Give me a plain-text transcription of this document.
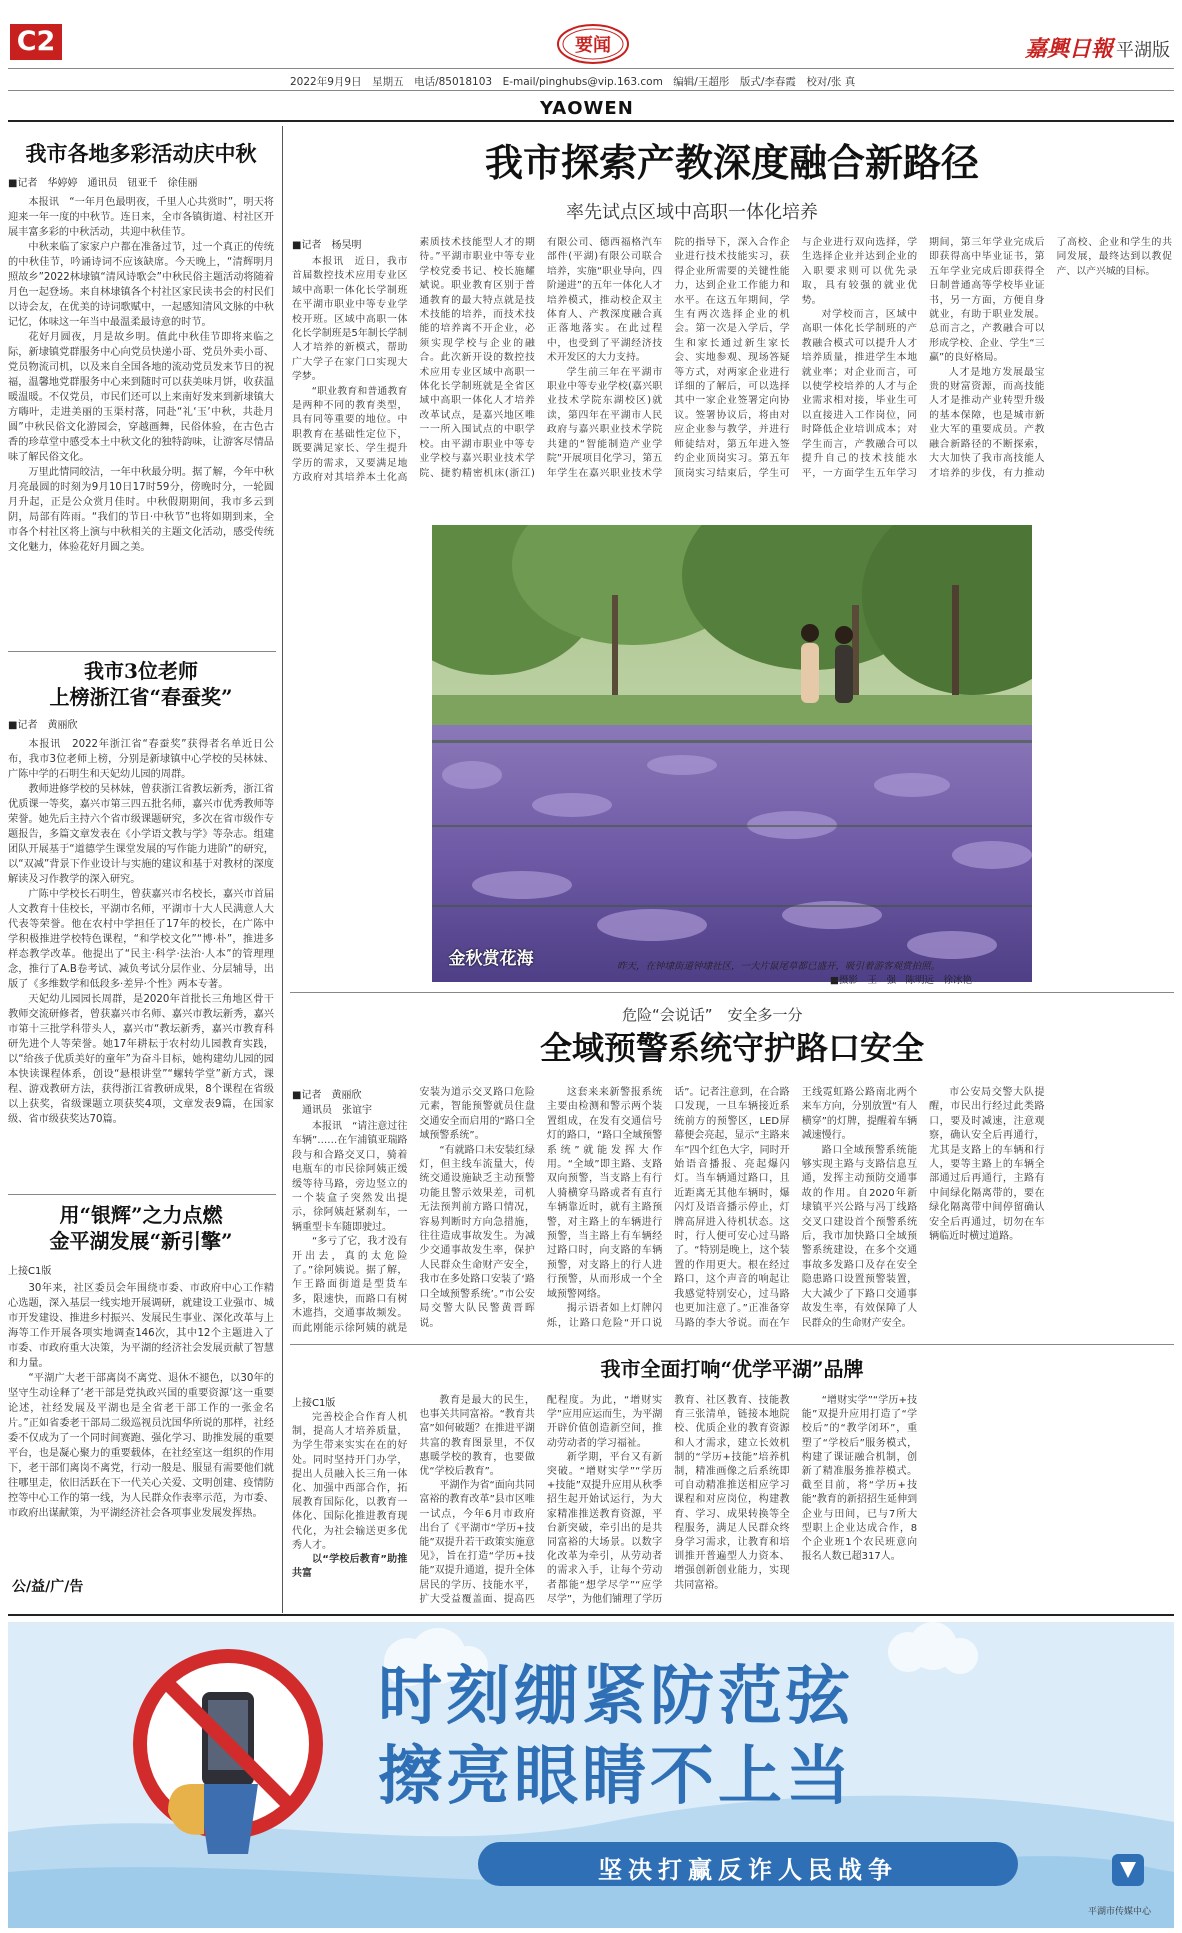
C2	要闻	嘉興日報 平湖版
2022年9月9日　星期五　电话/85018103　E-mail/pinghubs@vip.163.com　编辑/王超彤　版式/李春霞　校对/张 真
YAOWEN
我市各地多彩活动庆中秋
■记者　华婷婷　通讯员　钮亚千　徐佳丽

本报讯　“一年月色最明夜，千里人心共赏时”，明天将迎来一年一度的中秋节。连日来，全市各镇街道、村社区开展丰富多彩的中秋活动，共迎中秋佳节。

中秋来临了家家户户都在准备过节，过一个真正的传统的中秋佳节，吟诵诗词不应该缺席。今天晚上，“清辉明月照故乡”2022林埭镇“清风诗歌会”中秋民俗主题活动将随着月色一起登场。来自林埭镇各个村社区家民读书会的村民们以诗会友，在优美的诗词歌赋中，一起感知清风文脉的中秋记忆，体味这一年当中最温柔最诗意的时节。

花好月圆夜，月是故乡明。值此中秋佳节即将来临之际，新埭镇党群服务中心向党员快递小哥、党员外卖小哥、党员物流司机，以及来自全国各地的流动党员发来节日的祝福，温馨地党群服务中心来到随时可以获美味月饼，收获温暖温暖。不仅党员，市民们还可以上来南好发来到新埭镇大方嗨叶，走进美丽的玉渠村落，同赴“礼‘玉’中秋，共赴月圆”中秋民俗文化游园会，穿越画舞，民俗体验，在古色古香的珍草堂中感受本土中秋文化的独特韵味，让游客尽情品味了解民俗文化。

万里此情同皎洁，一年中秋最分明。据了解，今年中秋月亮最圆的时刻为9月10日17时59分，傍晚时分，一轮圆月升起，正是公众赏月佳时。中秋假期期间，我市多云到阴，局部有阵雨。“我们的节日·中秋节”也将如期到来，全市各个村社区将上演与中秋相关的主题文化活动，感受传统文化魅力，体验花好月圆之美。

我市3位老师
上榜浙江省“春蚕奖”
■记者　黄丽欣

本报讯　2022年浙江省“春蚕奖”获得者名单近日公布，我市3位老师上榜，分别是新埭镇中心学校的吴林妹、广陈中学的石明生和天妃幼儿园的周群。

教师进修学校的吴林妹，曾获浙江省教坛新秀，浙江省优质课一等奖，嘉兴市第三四五批名师，嘉兴市优秀教师等荣誉。她先后主持六个省市级课题研究，多次在省市级作专题报告，多篇文章发表在《小学语文教与学》等杂志。组建团队开展基于“道德学生课堂发展的写作能力进阶”的研究，以“双减”背景下作业设计与实施的建议和基于对教材的深度解读及习作教学的深入研究。

广陈中学校长石明生，曾获嘉兴市名校长，嘉兴市首届人文教育十佳校长，平湖市名师，平湖市十大人民满意人大代表等荣誉。他在农村中学担任了17年的校长，在广陈中学积极推进学校特色课程，“和学校文化”“博·朴”，推进多样态教学改革。他提出了“民主·科学·法治·人本”的管理理念，推行了A.B卷考试、减负考试分层作业、分层辅导，出版了《多维数学和低段多·差异·个性》两本专著。

天妃幼儿园园长周群，是2020年首批长三角地区骨干教师交流研修者，曾获嘉兴市名师、嘉兴市教坛新秀，嘉兴市第十三批学科带头人，嘉兴市“教坛新秀，嘉兴市教育科研先进个人等荣誉。她17年耕耘于农村幼儿园教育实践，以“给孩子优质美好的童年”为奋斗目标，她构建幼儿园的园本快读课程体系，创设“悬根讲堂”“螺转学堂”新方式，课程、游戏教研方法，获得浙江省教研成果，8个课程在省级以上获奖，省级课题立项获奖4项，文章发表9篇，在国家级、省市级获奖达70篇。

用“银辉”之力点燃
金平湖发展“新引擎”
上接C1版

30年来，社区委员会年围绕市委、市政府中心工作精心选题，深入基层一线实地开展调研，就建设工业强市、城市开发建设、推进乡村振兴、发展民生事业、深化改革与上海等工作开展各项实地调查146次，其中12个主题进入了市委、市政府重大决策，为平湖的经济社会发展贡献了智慧和力量。

“平湖广大老干部离岗不离党、退休不褪色，以30年的坚守生动诠释了‘老干部是党执政兴国的重要资源’这一重要论述，社经发展及平湖也是全省老干部工作的一张金名片。”正如省委老干部局二级巡视员沈国华所说的那样，社经委不仅成为了一个同时间赛跑、强化学习、助推发展的重要平台，也是凝心聚力的重要载体，在社经室这一组织的作用下，老干部们离岗不离党，行动一般是、服显有需要他们就往哪里走，依旧活跃在下一代关心关爱、文明创建、疫情防控等中心工作的第一线，为人民群众作表率示范，为市委、市政府出谋献策，为平湖经济社会各项事业发展发挥热。

我市探索产教深度融合新路径
率先试点区域中高职一体化培养
■记者　杨昊明

本报讯　近日，我市首届数控技术应用专业区域中高职一体化长学制班在平湖市职业中等专业学校开班。区域中高职一体化长学制班是5年制长学制人才培养的新模式，帮助广大学子在家门口实现大学梦。

“职业教育和普通教育是两种不同的教育类型，具有同等重要的地位。中职教育在基础性定位下，既要满足家长、学生提升学历的需求，又要满足地方政府对其培养本土化高素质技术技能型人才的期待。”平湖市职业中等专业学校党委书记、校长施耀斌说。职业教育区别于普通教育的最大特点就是技术技能的培养，而技术技能的培养离不开企业，必须实现学校与企业的融合。此次新开设的数控技术应用专业区域中高职一体化长学制班就是全省区域中高职一体化人才培养改革试点，是嘉兴地区唯一一所入围试点的中职学校。由平湖市职业中等专业学校与嘉兴职业技术学院、捷豹精密机床(浙江)有限公司、德西福格汽车部件(平湖)有限公司联合培养，实施“职业导向，四阶递进”的五年一体化人才培养模式，推动校企双主体育人、产教深度融合真正落地落实。在此过程中，也受到了平湖经济技术开发区的大力支持。

学生前三年在平湖市职业中等专业学校(嘉兴职业技术学院东湖校区)就读，第四年在平湖市人民政府与嘉兴职业技术学院共建的“智能制造产业学院”开展项目化学习，第五年学生在嘉兴职业技术学院的指导下，深入合作企业进行技术技能实习，获得企业所需要的关键性能力，达到企业工作能力和水平。在这五年期间，学生有两次选择企业的机会。第一次是入学后，学生和家长通过新生家长会、实地参观、现场答疑等方式，对两家企业进行详细的了解后，可以选择其中一家企业签署定向协议。签署协议后，将由对应企业参与教学，并进行师徒结对，第五年进入签约企业顶岗实习。第五年顶岗实习结束后，学生可与企业进行双向选择，学生选择企业并达到企业的入职要求则可以优先录取，具有较强的就业优势。

对学校而言，区域中高职一体化长学制班的产教融合模式可以提升人才培养质量，推进学生本地就业率；对企业而言，可以使学校培养的人才与企业需求相对接，毕业生可以直接进入工作岗位，同时降低企业培训成本；对学生而言，产教融合可以提升自己的技术技能水平，一方面学生五年学习期间，第三年学业完成后即获得高中毕业证书，第五年学业完成后即获得全日制普通高等学校毕业证书，另一方面，方便自身就业，有助于职业发展。总而言之，产教融合可以形成学校、企业、学生“三赢”的良好格局。

人才是地方发展最宝贵的财富资源，而高技能人才是推动产业转型升级的基本保障，也是城市新业大军的重要成员。产教融合新路径的不断探索，大大加快了我市高技能人才培养的步伐，有力推动了高校、企业和学生的共同发展，最终达到以教促产、以产兴城的目标。

金秋赏花海	昨天，在钟埭街道钟埭社区，一大片鼠尾草都已盛开，吸引着游客观赏拍照。
■摄影　王　强　陈明远　徐冰艳
危险“会说话”　安全多一分
全域预警系统守护路口安全
■记者　黄丽欣
　通讯员　张谊宇

本报讯　“请注意过往车辆”……在乍浦镇亚瑞路段与和合路交叉口，骑着电瓶车的市民徐阿姨正缓缓等待马路，旁边竖立的一个装盒子突然发出提示，徐阿姨赶紧刹车，一辆重型卡车随即驶过。

“多亏了它，我才没有开出去，真的太危险了。”徐阿姨说。据了解，乍王路面街道是型货车多，限速快，而路口有树木遮挡，交通事故频发。而此刚能示徐阿姨的就是安装为道示交叉路口危险元素，智能预警就员住盘交通安全而启用的“路口全域预警系统”。

“有就路口未安装红绿灯，但主线车流量大，传统交通设施缺乏主动预警功能且警示效果差，司机无法预判前方路口情况，容易判断时方向急措施，往往造成事故发生。为减少交通事故发生率，保护人民群众生命财产安全，我市在多处路口安装了‘路口全域预警系统’。”市公安局交警大队民警黄晋晖说。

这套来来新警报系统主要由检测和警示两个装置组成，在发有交通信号灯的路口，“路口全域预警系统”就能发挥大作用。“全域”即主路、支路双向预警，当支路上有行人骑横穿马路或者有直行车辆靠近时，就有主路预警，对主路上的车辆进行预警，当主路上有车辆经过路口时，向支路的车辆预警，对支路上的行人进行预警，从而形成一个全域预警网络。

揭示语者如上灯牌闪烁，让路口危险“开口说话”。记者注意到，在合路口发现，一旦车辆接近系统前方的预警区，LED屏幕便会亮起，显示“主路来车”四个红色大字，同时开始语音播报、亮起爆闪灯。当车辆通过路口，且近距离无其他车辆时，爆闪灯及语音播示停止，灯牌高屏进入待机状态。这时，行人便可安心过马路了。“特别是晚上，这个装置的作用更大。根在经过路口，这个声音的响起让我感觉特别安心，过马路也更加注意了。”正准备穿马路的李大爷说。而在乍王线霓虹路公路南北两个来车方向，分别放置“有人横穿”的灯牌，提醒着车辆减速慢行。

路口全域预警系统能够实现主路与支路信息互通，发挥主动预防交通事故的作用。自2020年新埭镇平兴公路与冯丁线路交叉口建设首个预警系统后，我市加快路口全域预警系统建设，在多个交通事故多发路口及存在安全隐患路口设置预警装置，大大减少了下路口交通事故发生率，有效保障了人民群众的生命财产安全。

市公安局交警大队提醒，市民出行经过此类路口，要及时减速，注意观察，确认安全后再通行，尤其是支路上的车辆和行人，要等主路上的车辆全部通过后再通行，主路有中间绿化隔离带的，要在绿化隔离带中间停留确认安全后再通过，切勿在车辆临近时横过道路。

我市全面打响“优学平湖”品牌
上接C1版

完善校企合作育人机制，提高人才培养质量，为学生带来实实在在的好处。同时坚持开门办学，提出人员融入长三角一体化、加强中西部合作，拓展教育国际化，以教育一体化、国际化推进教育现代化，为社会输送更多优秀人才。

以“学校后教育”助推共富

教育是最大的民生，也事关共同富裕。“教育共富”如何破题？在推进平湖共富的教育图景里，不仅惠暖学校的教育，也要做优“学校后教育”。

平湖作为省“面向共同富裕的教育改革”县市区唯一试点，今年6月市政府出台了《平湖市“学历+技能”双提升若干政策实施意见》，旨在打造“学历+技能”双提升通道，提升全体居民的学历、技能水平，扩大受益覆盖面、提高匹配程度。为此，“增财实学”应用应运而生，为平湖开辟价值创造新空间，推动劳动者的学习福祉。

新学期，平台又有新突破。“增财实学”“学历+技能”双提升应用从秋季招生起开始试运行，为大家精准推送教育资源，平台新突破，牵引出的是共同富裕的大场景。以数字化改革为牵引，从劳动者的需求入手，让每个劳动者都能“想学尽学”“应学尽学”，为他们铺理了学历教育、社区教育、技能教育三张清单，链接本地院校、优质企业的教育资源和人才需求，建立长效机制的“学历+技能”培养机制，精准画像之后系统即可自动精准推送相应学习课程和对应岗位，构建教育、学习、成果转换等全程服务，满足人民群众终身学习需求，让教育和培训推开普遍型人力资本、增强创新创业能力，实现共同富裕。

“增财实学”“学历+技能”双提升应用打造了“学校后”的“教学闭环”，重塑了“学校后”服务模式，构建了课证融合机制，创新了精准服务推荐模式。截至目前，将“学历+技能”教育的新招招生延伸到企业与田间，已与7所大型职上企业达成合作，8个企业班1个农民班意向报名人数已超317人。

公/益/广/告
时刻绷紧防范弦
擦亮眼睛不上当
坚决打赢反诈人民战争
平湖市传媒中心
